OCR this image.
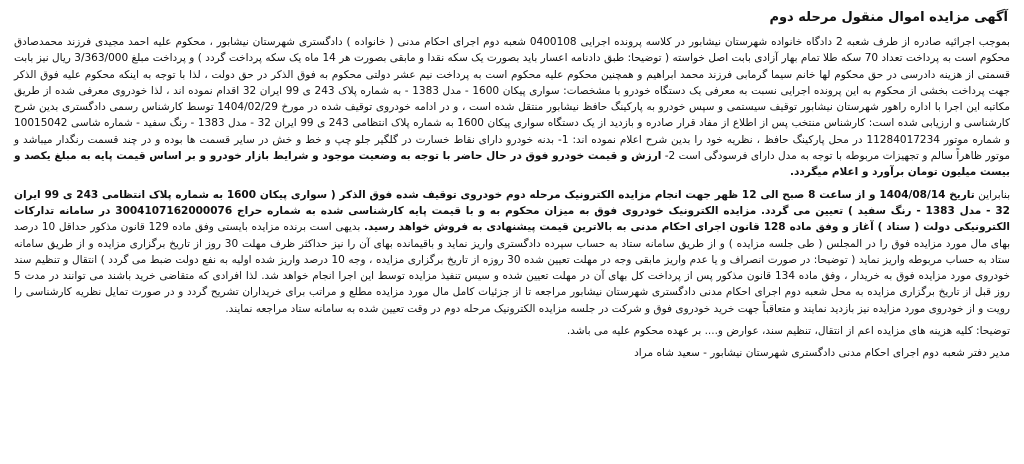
آگهی مزایده اموال منقول مرحله دوم

بموجب اجرائیه صادره از طرف شعبه 2 دادگاه خانواده شهرستان نیشابور در کلاسه پرونده اجرایی 0400108 شعبه دوم اجرای احکام مدنی ( خانواده ) دادگستری شهرستان نیشابور ، محکوم علیه احمد مجیدی فرزند محمدصادق محکوم است به پرداخت تعداد 70 سکه طلا تمام بهار آزادی بابت اصل خواسته ( توضیحا: طبق دادنامه اعسار باید بصورت یک سکه نقدا و مابقی بصورت هر 14 ماه یک سکه پرداخت گردد ) و پرداخت مبلغ 3/363/000 ریال نیز بابت قسمتی از هزینه دادرسی در حق محکوم لها خانم سیما گرمابی فرزند محمد ابراهیم و همچنین محکوم علیه محکوم است به پرداخت نیم عشر دولتی محکوم به فوق الذکر در حق دولت ، لذا با توجه به اینکه محکوم علیه فوق الذکر جهت پرداخت بخشی از محکوم به این پرونده اجرایی نسبت به معرفی یک دستگاه خودرو با مشخصات: سواری پیکان 1600 - مدل 1383 - به شماره پلاک 243 ی 99 ایران 32 اقدام نموده اند ، لذا خودروی معرفی شده از طریق مکاتبه این اجرا با اداره راهور شهرستان نیشابور توقیف سیستمی و سپس خودرو به پارکینگ حافظ نیشابور منتقل شده است ، و در ادامه خودروی توقیف شده در مورخ 1404/02/29 توسط کارشناس رسمی دادگستری بدین شرح کارشناسی و ارزیابی شده است: کارشناس منتخب پس از اطلاع از مفاد قرار صادره و بازدید از یک دستگاه سواری پیکان 1600 به شماره پلاک انتظامی 243 ی 99 ایران 32 - مدل 1383 - رنگ سفید - شماره شاسی 10015042 و شماره موتور 11284017234 در محل پارکینگ حافظ ، نظریه خود را بدین شرح اعلام نموده اند: 1- بدنه خودرو دارای نقاط خسارت در گلگیر جلو چپ و خط و خش در سایر قسمت ها بوده و در چند قسمت رنگدار میباشد و موتور ظاهراً سالم و تجهیزات مربوطه با توجه به مدل دارای فرسودگی است 2- ارزش و قیمت خودرو فوق در حال حاضر با توجه به وضعیت موجود و شرایط بازار خودرو و بر اساس قیمت پایه به مبلغ یکصد و بیست میلیون تومان برآورد و اعلام میگردد.

بنابراین تاریخ 1404/08/14 و از ساعت 8 صبح الی 12 ظهر جهت انجام مزایده الکترونیک مرحله دوم خودروی توقیف شده فوق الذکر ( سواری پیکان 1600 به شماره پلاک انتظامی 243 ی 99 ایران 32 - مدل 1383 - رنگ سفید ) تعیین می گردد. مزایده الکترونیک خودروی فوق به میزان محکوم به و با قیمت پایه کارشناسی شده به شماره حراج 3004107162000076 در سامانه تدارکات الکترونیکی دولت ( ستاد ) آغاز و وفق ماده 128 قانون اجرای احکام مدنی به بالاترین قیمت پیشنهادی به فروش خواهد رسید. بدیهی است برنده مزایده بایستی وفق ماده 129 قانون مذکور حداقل 10 درصد بهای مال مورد مزایده فوق را در المجلس ( طی جلسه مزایده ) و از طریق سامانه ستاد به حساب سپرده دادگستری واریز نماید و باقیمانده بهای آن را نیز حداکثر ظرف مهلت 30 روز از تاریخ برگزاری مزایده و از طریق سامانه ستاد به حساب مربوطه واریز نماید ( توضیحا: در صورت انصراف و یا عدم واریز مابقی وجه در مهلت تعیین شده 30 روزه از تاریخ برگزاری مزایده ، وجه 10 درصد واریز شده اولیه به نفع دولت ضبط می گردد ) انتقال و تنظیم سند خودروی مورد مزایده فوق به خریدار ، وفق ماده 134 قانون مذکور پس از پرداخت کل بهای آن در مهلت تعیین شده و سیس تنفیذ مزایده توسط این اجرا انجام خواهد شد. لذا افرادی که متقاضی خرید باشند می توانند در مدت 5 روز قبل از تاریخ برگزاری مزایده به محل شعبه دوم اجرای احکام مدنی دادگستری شهرستان نیشابور مراجعه تا از جزئیات کامل مال مورد مزایده مطلع و مراتب برای خریداران تشریح گردد و در صورت تمایل نظریه کارشناسی را رویت و از خودروی مورد مزایده نیز بازدید نمایند و متعاقباً جهت خرید خودروی فوق و شرکت در جلسه مزایده الکترونیک مرحله دوم در وقت تعیین شده به سامانه ستاد مراجعه نمایند.

توضیحا: کلیه هزینه های مزایده اعم از انتقال، تنظیم سند، عوارض و.... بر عهده محکوم علیه می باشد.
مدیر دفتر شعبه دوم اجرای احکام مدنی دادگستری شهرستان نیشابور - سعید شاه مراد
